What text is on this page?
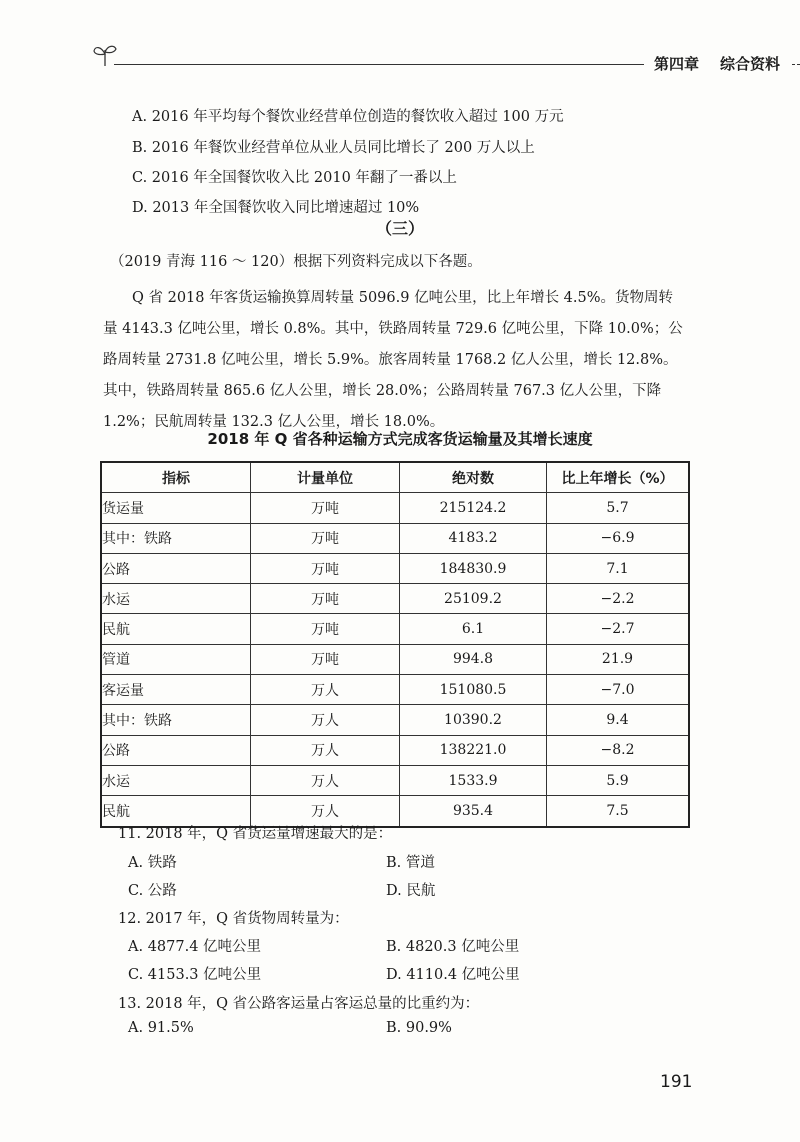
第四章 综合资料
A. 2016 年平均每个餐饮业经营单位创造的餐饮收入超过 100 万元
B. 2016 年餐饮业经营单位从业人员同比增长了 200 万人以上
C. 2016 年全国餐饮收入比 2010 年翻了一番以上
D. 2013 年全国餐饮收入同比增速超过 10%
（三）
（2019 青海 116 ～ 120）根据下列资料完成以下各题。
Q 省 2018 年客货运输换算周转量 5096.9 亿吨公里，比上年增长 4.5%。货物周转
量 4143.3 亿吨公里，增长 0.8%。其中，铁路周转量 729.6 亿吨公里，下降 10.0%；公
路周转量 2731.8 亿吨公里，增长 5.9%。旅客周转量 1768.2 亿人公里，增长 12.8%。
其中，铁路周转量 865.6 亿人公里，增长 28.0%；公路周转量 767.3 亿人公里，下降
1.2%；民航周转量 132.3 亿人公里，增长 18.0%。
2018 年 Q 省各种运输方式完成客货运输量及其增长速度
指标	计量单位	绝对数	比上年增长（%）
货运量	万吨	215124.2	5.7
其中：铁路	万吨	4183.2	−6.9
公路	万吨	184830.9	7.1
水运	万吨	25109.2	−2.2
民航	万吨	6.1	−2.7
管道	万吨	994.8	21.9
客运量	万人	151080.5	−7.0
其中：铁路	万人	10390.2	9.4
公路	万人	138221.0	−8.2
水运	万人	1533.9	5.9
民航	万人	935.4	7.5
11. 2018 年，Q 省货运量增速最大的是：
A. 铁路	B. 管道
C. 公路	D. 民航
12. 2017 年，Q 省货物周转量为：
A. 4877.4 亿吨公里	B. 4820.3 亿吨公里
C. 4153.3 亿吨公里	D. 4110.4 亿吨公里
13. 2018 年，Q 省公路客运量占客运总量的比重约为：
A. 91.5%	B. 90.9%
191
